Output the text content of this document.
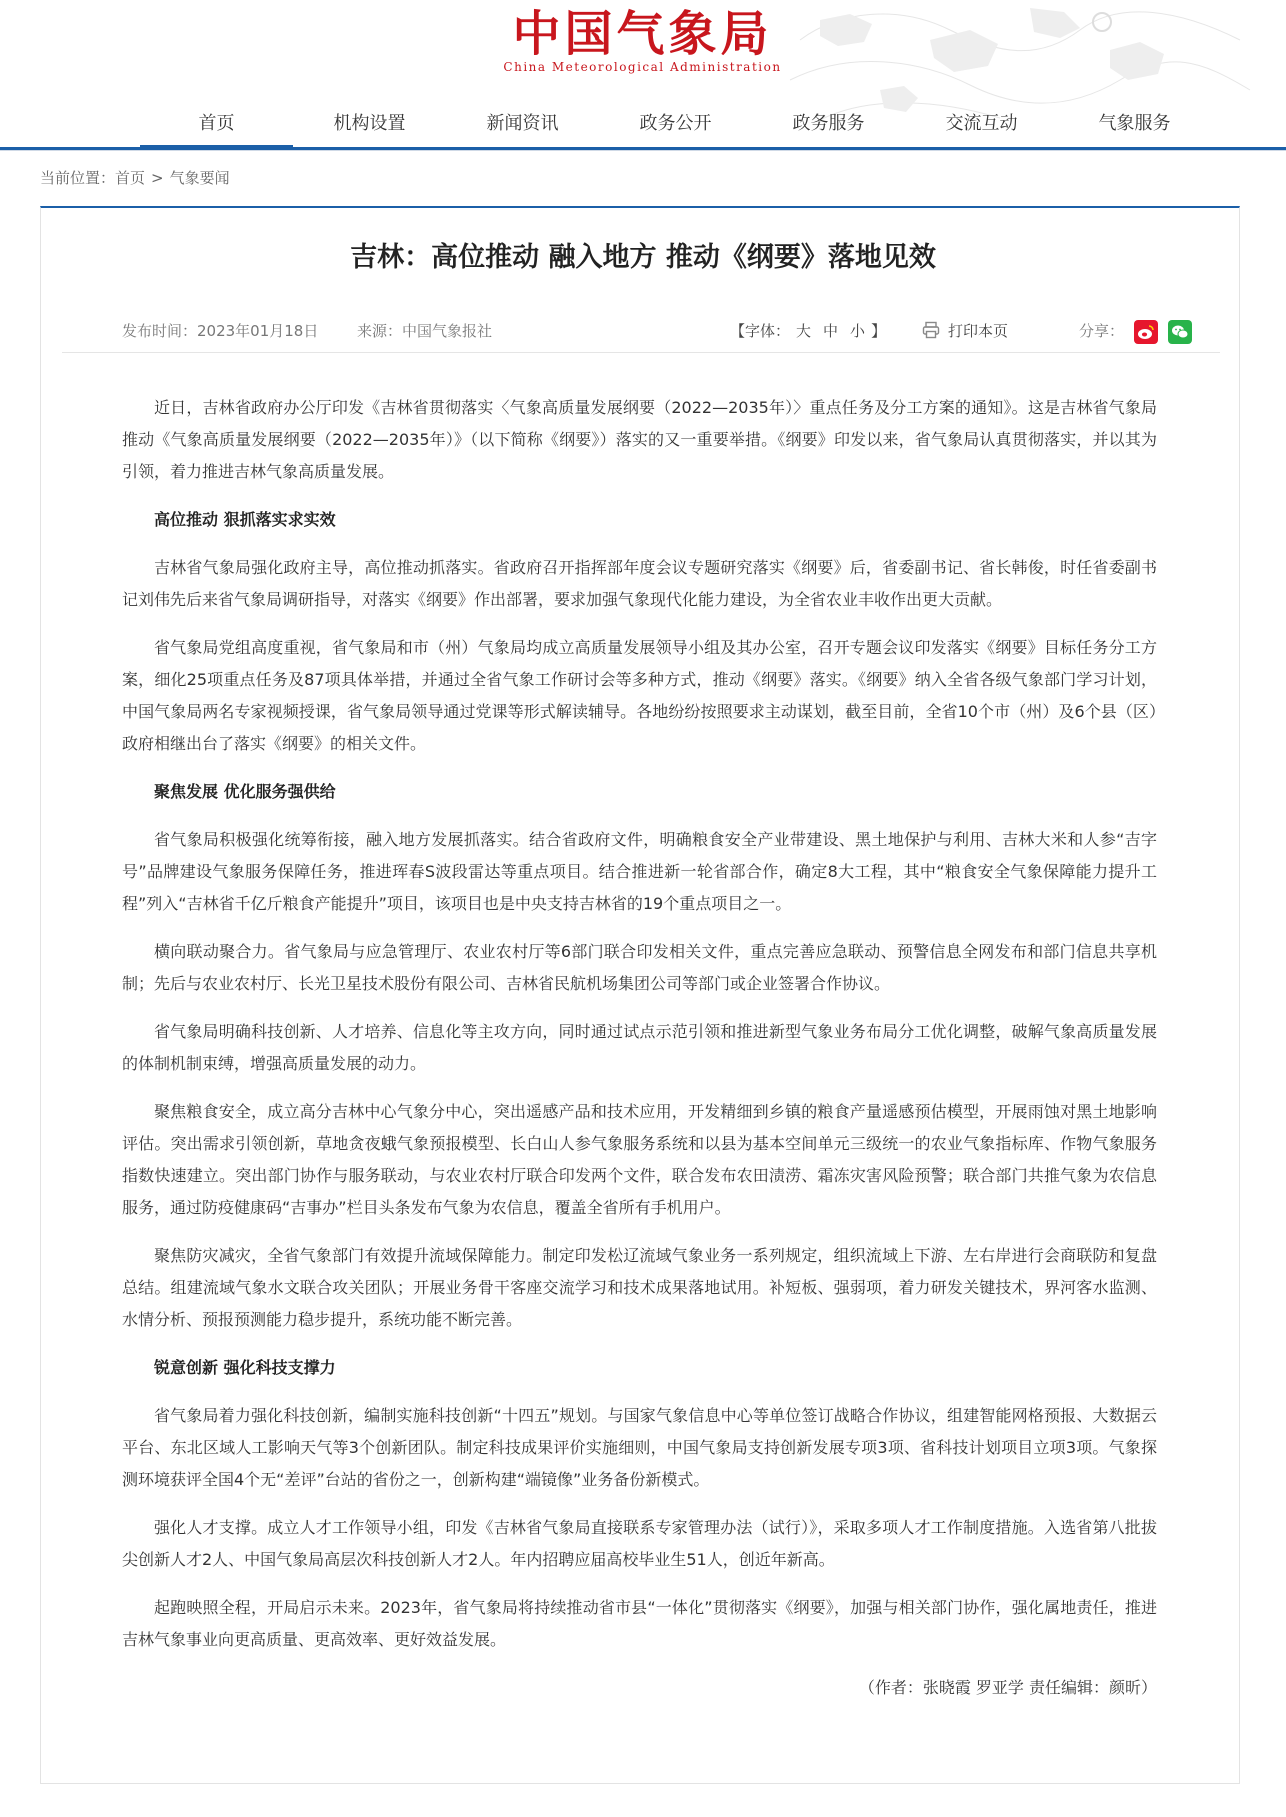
中国气象局
China Meteorological Administration
首页	机构设置	新闻资讯	政务公开	政务服务	交流互动	气象服务
当前位置：首页 > 气象要闻
吉林：高位推动 融入地方 推动《纲要》落地见效
发布时间：2023年01月18日	来源：中国气象报社	【字体： 大 中 小 】	打印本页	分享：

近日，吉林省政府办公厅印发《吉林省贯彻落实〈气象高质量发展纲要（2022—2035年）〉重点任务及分工方案的通知》。这是吉林省气象局推动《气象高质量发展纲要（2022—2035年）》（以下简称《纲要》）落实的又一重要举措。《纲要》印发以来，省气象局认真贯彻落实，并以其为引领，着力推进吉林气象高质量发展。

高位推动 狠抓落实求实效

吉林省气象局强化政府主导，高位推动抓落实。省政府召开指挥部年度会议专题研究落实《纲要》后，省委副书记、省长韩俊，时任省委副书记刘伟先后来省气象局调研指导，对落实《纲要》作出部署，要求加强气象现代化能力建设，为全省农业丰收作出更大贡献。

省气象局党组高度重视，省气象局和市（州）气象局均成立高质量发展领导小组及其办公室，召开专题会议印发落实《纲要》目标任务分工方案，细化25项重点任务及87项具体举措，并通过全省气象工作研讨会等多种方式，推动《纲要》落实。《纲要》纳入全省各级气象部门学习计划，中国气象局两名专家视频授课，省气象局领导通过党课等形式解读辅导。各地纷纷按照要求主动谋划，截至目前，全省10个市（州）及6个县（区）政府相继出台了落实《纲要》的相关文件。

聚焦发展 优化服务强供给

省气象局积极强化统筹衔接，融入地方发展抓落实。结合省政府文件，明确粮食安全产业带建设、黑土地保护与利用、吉林大米和人参“吉字号”品牌建设气象服务保障任务，推进珲春S波段雷达等重点项目。结合推进新一轮省部合作，确定8大工程，其中“粮食安全气象保障能力提升工程”列入“吉林省千亿斤粮食产能提升”项目，该项目也是中央支持吉林省的19个重点项目之一。

横向联动聚合力。省气象局与应急管理厅、农业农村厅等6部门联合印发相关文件，重点完善应急联动、预警信息全网发布和部门信息共享机制；先后与农业农村厅、长光卫星技术股份有限公司、吉林省民航机场集团公司等部门或企业签署合作协议。

省气象局明确科技创新、人才培养、信息化等主攻方向，同时通过试点示范引领和推进新型气象业务布局分工优化调整，破解气象高质量发展的体制机制束缚，增强高质量发展的动力。

聚焦粮食安全，成立高分吉林中心气象分中心，突出遥感产品和技术应用，开发精细到乡镇的粮食产量遥感预估模型，开展雨蚀对黑土地影响评估。突出需求引领创新，草地贪夜蛾气象预报模型、长白山人参气象服务系统和以县为基本空间单元三级统一的农业气象指标库、作物气象服务指数快速建立。突出部门协作与服务联动，与农业农村厅联合印发两个文件，联合发布农田渍涝、霜冻灾害风险预警；联合部门共推气象为农信息服务，通过防疫健康码“吉事办”栏目头条发布气象为农信息，覆盖全省所有手机用户。

聚焦防灾减灾，全省气象部门有效提升流域保障能力。制定印发松辽流域气象业务一系列规定，组织流域上下游、左右岸进行会商联防和复盘总结。组建流域气象水文联合攻关团队；开展业务骨干客座交流学习和技术成果落地试用。补短板、强弱项，着力研发关键技术，界河客水监测、水情分析、预报预测能力稳步提升，系统功能不断完善。

锐意创新 强化科技支撑力

省气象局着力强化科技创新，编制实施科技创新“十四五”规划。与国家气象信息中心等单位签订战略合作协议，组建智能网格预报、大数据云平台、东北区域人工影响天气等3个创新团队。制定科技成果评价实施细则，中国气象局支持创新发展专项3项、省科技计划项目立项3项。气象探测环境获评全国4个无“差评”台站的省份之一，创新构建“端镜像”业务备份新模式。

强化人才支撑。成立人才工作领导小组，印发《吉林省气象局直接联系专家管理办法（试行）》，采取多项人才工作制度措施。入选省第八批拔尖创新人才2人、中国气象局高层次科技创新人才2人。年内招聘应届高校毕业生51人，创近年新高。

起跑映照全程，开局启示未来。2023年，省气象局将持续推动省市县“一体化”贯彻落实《纲要》，加强与相关部门协作，强化属地责任，推进吉林气象事业向更高质量、更高效率、更好效益发展。

（作者：张晓霞 罗亚学 责任编辑：颜昕）
